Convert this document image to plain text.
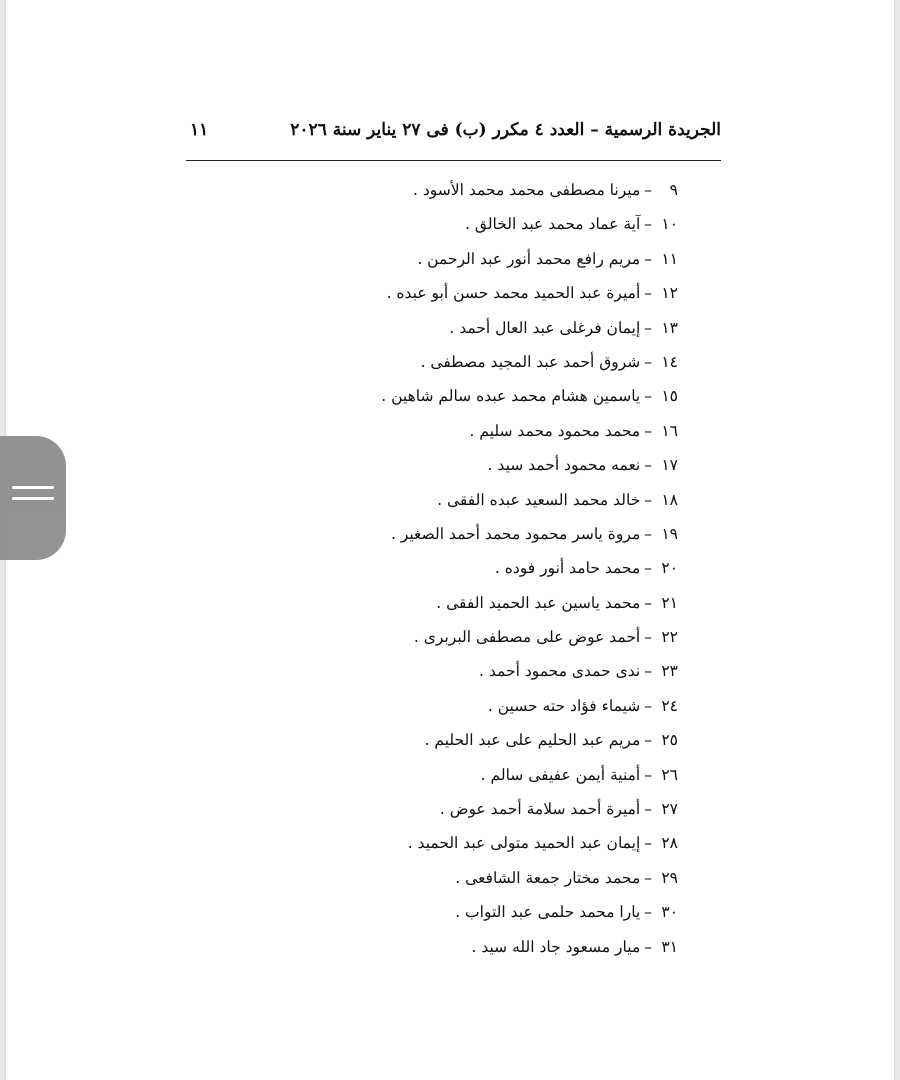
الجريدة الرسمية – العدد ٤ مكرر (ب) فى ٢٧ يناير سنة ٢٠٢٦
١١
٩–ميرنا مصطفى محمد محمد الأسود .
١٠–آية عماد محمد عبد الخالق .
١١–مريم رافع محمد أنور عبد الرحمن .
١٢–أميرة عبد الحميد محمد حسن أبو عبده .
١٣–إيمان فرغلى عبد العال أحمد .
١٤–شروق أحمد عبد المجيد مصطفى .
١٥–ياسمين هشام محمد عبده سالم شاهين .
١٦–محمد محمود محمد سليم .
١٧–نعمه محمود أحمد سيد .
١٨–خالد محمد السعيد عبده الفقى .
١٩–مروة ياسر محمود محمد أحمد الصغير .
٢٠–محمد حامد أنور فوده .
٢١–محمد ياسين عبد الحميد الفقى .
٢٢–أحمد عوض على مصطفى البربرى .
٢٣–ندى حمدى محمود أحمد .
٢٤–شيماء فؤاد حته حسين .
٢٥–مريم عبد الحليم على عبد الحليم .
٢٦–أمنية أيمن عفيفى سالم .
٢٧–أميرة أحمد سلامة أحمد عوض .
٢٨–إيمان عبد الحميد متولى عبد الحميد .
٢٩–محمد مختار جمعة الشافعى .
٣٠–يارا محمد حلمى عبد التواب .
٣١–ميار مسعود جاد الله سيد .
